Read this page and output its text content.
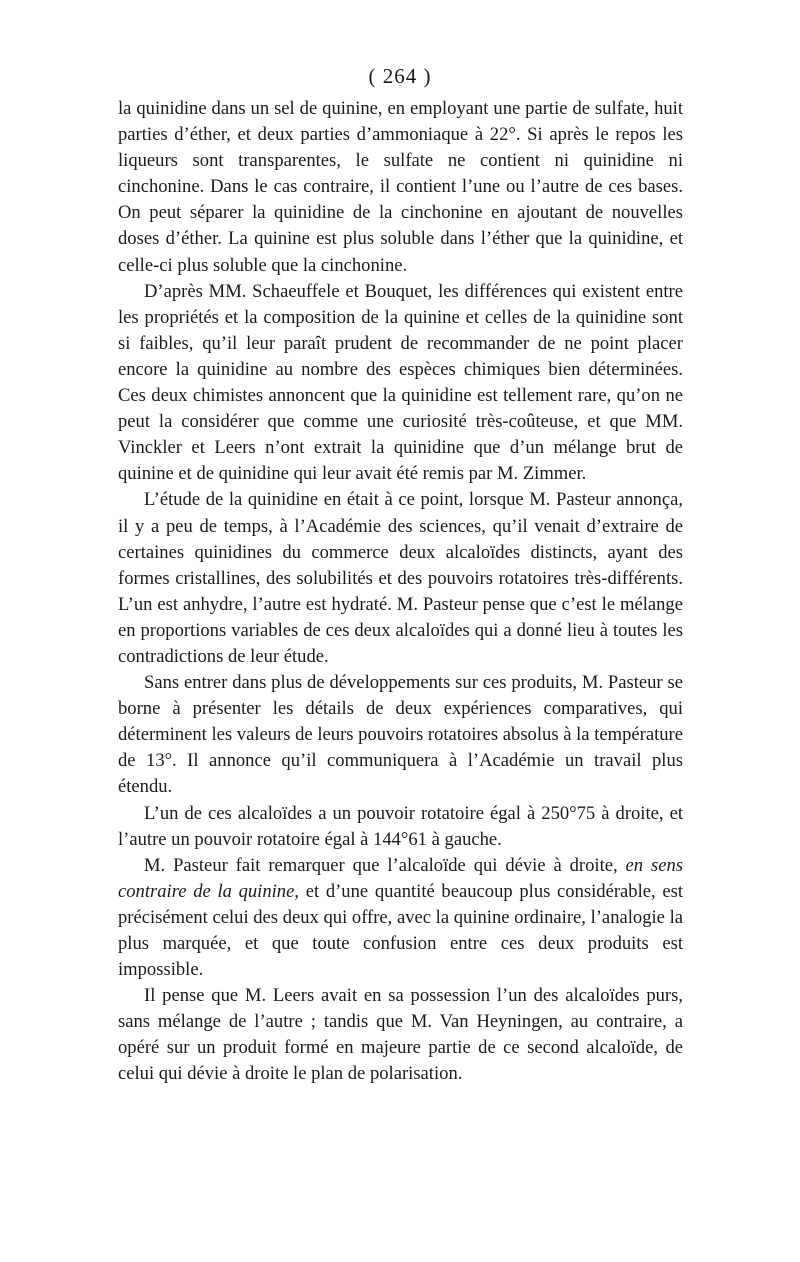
( 264 )

la quinidine dans un sel de quinine, en employant une partie de sulfate, huit parties d’éther, et deux parties d’ammoniaque à 22°. Si après le repos les liqueurs sont transparentes, le sulfate ne contient ni quinidine ni cinchonine. Dans le cas contraire, il contient l’une ou l’autre de ces bases. On peut séparer la quinidine de la cinchonine en ajoutant de nouvelles doses d’éther. La quinine est plus soluble dans l’éther que la quinidine, et celle-ci plus soluble que la cinchonine.

D’après MM. Schaeuffele et Bouquet, les différences qui existent entre les propriétés et la composition de la quinine et celles de la quinidine sont si faibles, qu’il leur paraît prudent de recommander de ne point placer encore la quinidine au nombre des espèces chimiques bien déterminées. Ces deux chimistes annoncent que la quinidine est tellement rare, qu’on ne peut la considérer que comme une curiosité très-coûteuse, et que MM. Vinckler et Leers n’ont extrait la quinidine que d’un mélange brut de quinine et de quinidine qui leur avait été remis par M. Zimmer.

L’étude de la quinidine en était à ce point, lorsque M. Pasteur annonça, il y a peu de temps, à l’Académie des sciences, qu’il venait d’extraire de certaines quinidines du commerce deux alcaloïdes distincts, ayant des formes cristallines, des solubilités et des pouvoirs rotatoires très-différents. L’un est anhydre, l’autre est hydraté. M. Pasteur pense que c’est le mélange en proportions variables de ces deux alcaloïdes qui a donné lieu à toutes les contradictions de leur étude.

Sans entrer dans plus de développements sur ces produits, M. Pasteur se borne à présenter les détails de deux expériences comparatives, qui déterminent les valeurs de leurs pouvoirs rotatoires absolus à la température de 13°. Il annonce qu’il communiquera à l’Académie un travail plus étendu.

L’un de ces alcaloïdes a un pouvoir rotatoire égal à 250°75 à droite, et l’autre un pouvoir rotatoire égal à 144°61 à gauche.

M. Pasteur fait remarquer que l’alcaloïde qui dévie à droite, en sens contraire de la quinine, et d’une quantité beaucoup plus considérable, est précisément celui des deux qui offre, avec la quinine ordinaire, l’analogie la plus marquée, et que toute confusion entre ces deux produits est impossible.

Il pense que M. Leers avait en sa possession l’un des alcaloïdes purs, sans mélange de l’autre ; tandis que M. Van Heyningen, au contraire, a opéré sur un produit formé en majeure partie de ce second alcaloïde, de celui qui dévie à droite le plan de polarisation.
